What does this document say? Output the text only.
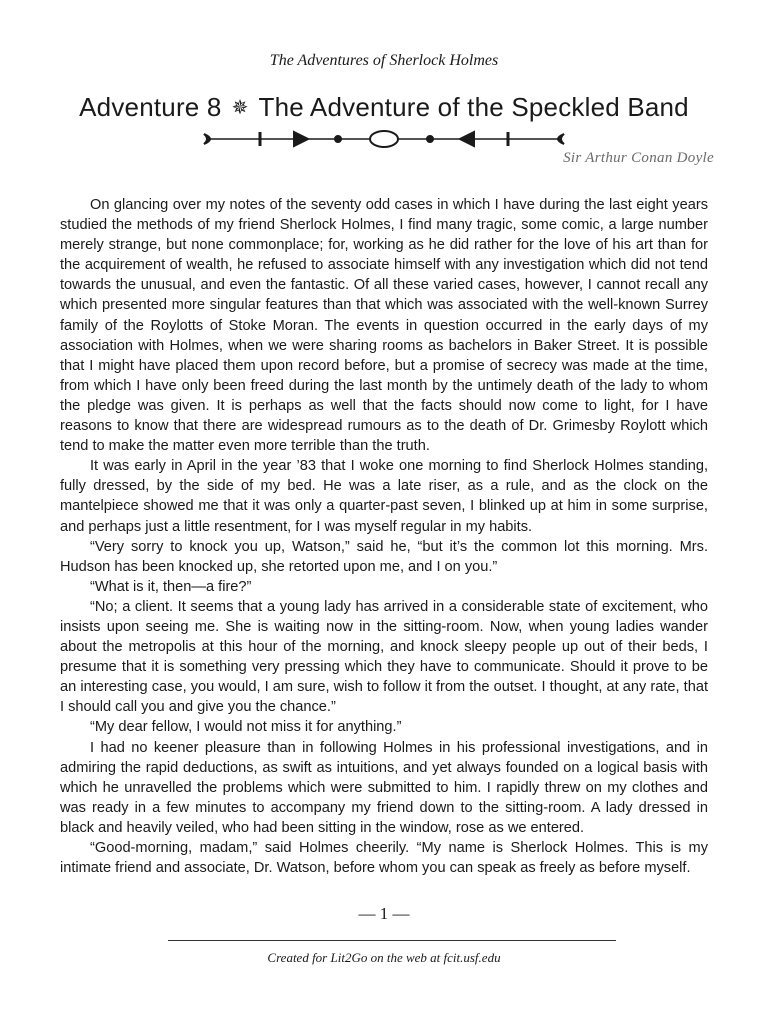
The Adventures of Sherlock Holmes
Adventure 8 ✵ The Adventure of the Speckled Band
Sir Arthur Conan Doyle

On glancing over my notes of the seventy odd cases in which I have during the last eight years studied the methods of my friend Sherlock Holmes, I find many tragic, some comic, a large number merely strange, but none commonplace; for, working as he did rather for the love of his art than for the acquirement of wealth, he refused to associate himself with any investigation which did not tend towards the unusual, and even the fantastic. Of all these varied cases, however, I cannot recall any which presented more singular features than that which was associated with the well-known Surrey family of the Roylotts of Stoke Moran. The events in question occurred in the early days of my association with Holmes, when we were sharing rooms as bachelors in Baker Street. It is possible that I might have placed them upon record before, but a promise of secrecy was made at the time, from which I have only been freed during the last month by the untimely death of the lady to whom the pledge was given. It is perhaps as well that the facts should now come to light, for I have reasons to know that there are widespread rumours as to the death of Dr. Grimesby Roylott which tend to make the matter even more terrible than the truth.

It was early in April in the year ’83 that I woke one morning to find Sherlock Holmes standing, fully dressed, by the side of my bed. He was a late riser, as a rule, and as the clock on the mantelpiece showed me that it was only a quarter-past seven, I blinked up at him in some surprise, and perhaps just a little resentment, for I was myself regular in my habits.

“Very sorry to knock you up, Watson,” said he, “but it’s the common lot this morning. Mrs. Hudson has been knocked up, she retorted upon me, and I on you.”

“What is it, then—a fire?”

“No; a client. It seems that a young lady has arrived in a considerable state of excitement, who insists upon seeing me. She is waiting now in the sitting-room. Now, when young ladies wander about the metropolis at this hour of the morning, and knock sleepy people up out of their beds, I presume that it is something very pressing which they have to communicate. Should it prove to be an interesting case, you would, I am sure, wish to follow it from the outset. I thought, at any rate, that I should call you and give you the chance.”

“My dear fellow, I would not miss it for anything.”

I had no keener pleasure than in following Holmes in his professional investigations, and in admiring the rapid deductions, as swift as intuitions, and yet always founded on a logical basis with which he unravelled the problems which were submitted to him. I rapidly threw on my clothes and was ready in a few minutes to accompany my friend down to the sitting-room. A lady dressed in black and heavily veiled, who had been sitting in the window, rose as we entered.

“Good-morning, madam,” said Holmes cheerily. “My name is Sherlock Holmes. This is my intimate friend and associate, Dr. Watson, before whom you can speak as freely as before myself.

— 1 —
Created for Lit2Go on the web at fcit.usf.edu
